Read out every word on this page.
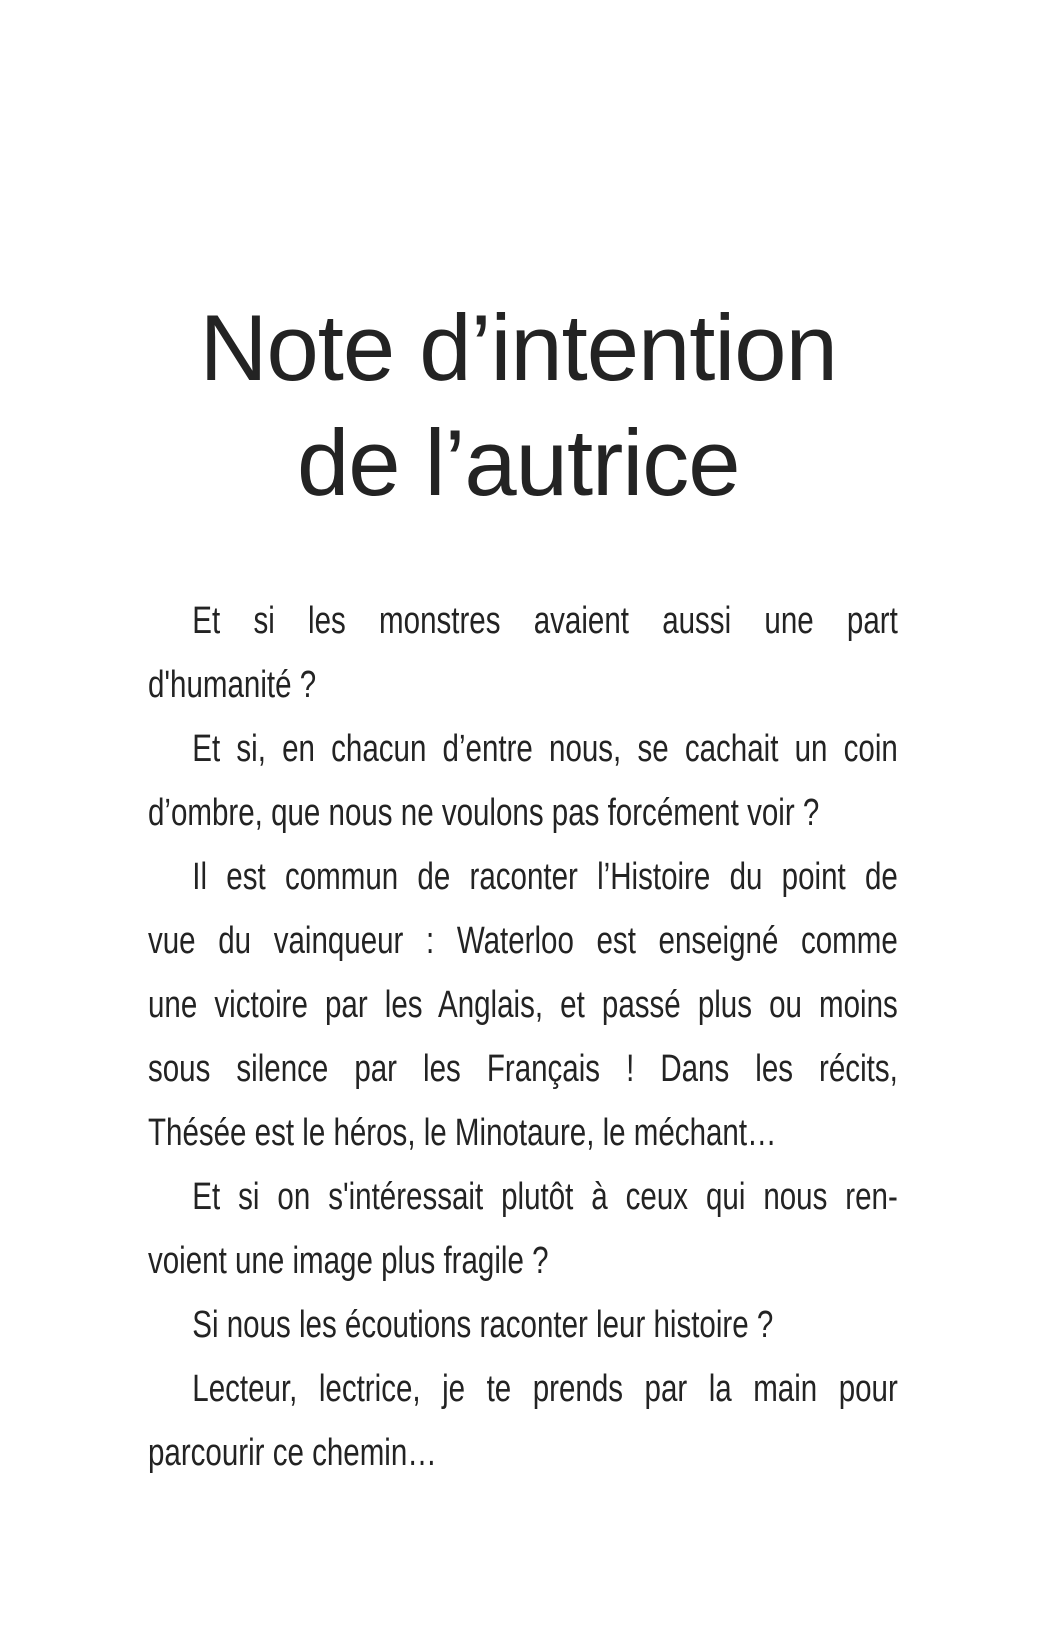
Note d’intention
de l’autrice

Et si les monstres avaient aussi une part
d'humanité ?

Et si, en chacun d’entre nous, se cachait un coin
d’ombre, que nous ne voulons pas forcément voir ?

Il est commun de raconter l’Histoire du point de
vue du vainqueur : Waterloo est enseigné comme
une victoire par les Anglais, et passé plus ou moins
sous silence par les Français ! Dans les récits,
Thésée est le héros, le Minotaure, le méchant…

Et si on s'intéressait plutôt à ceux qui nous ren-
voient une image plus fragile ?

Si nous les écoutions raconter leur histoire ?

Lecteur, lectrice, je te prends par la main pour
parcourir ce chemin…
